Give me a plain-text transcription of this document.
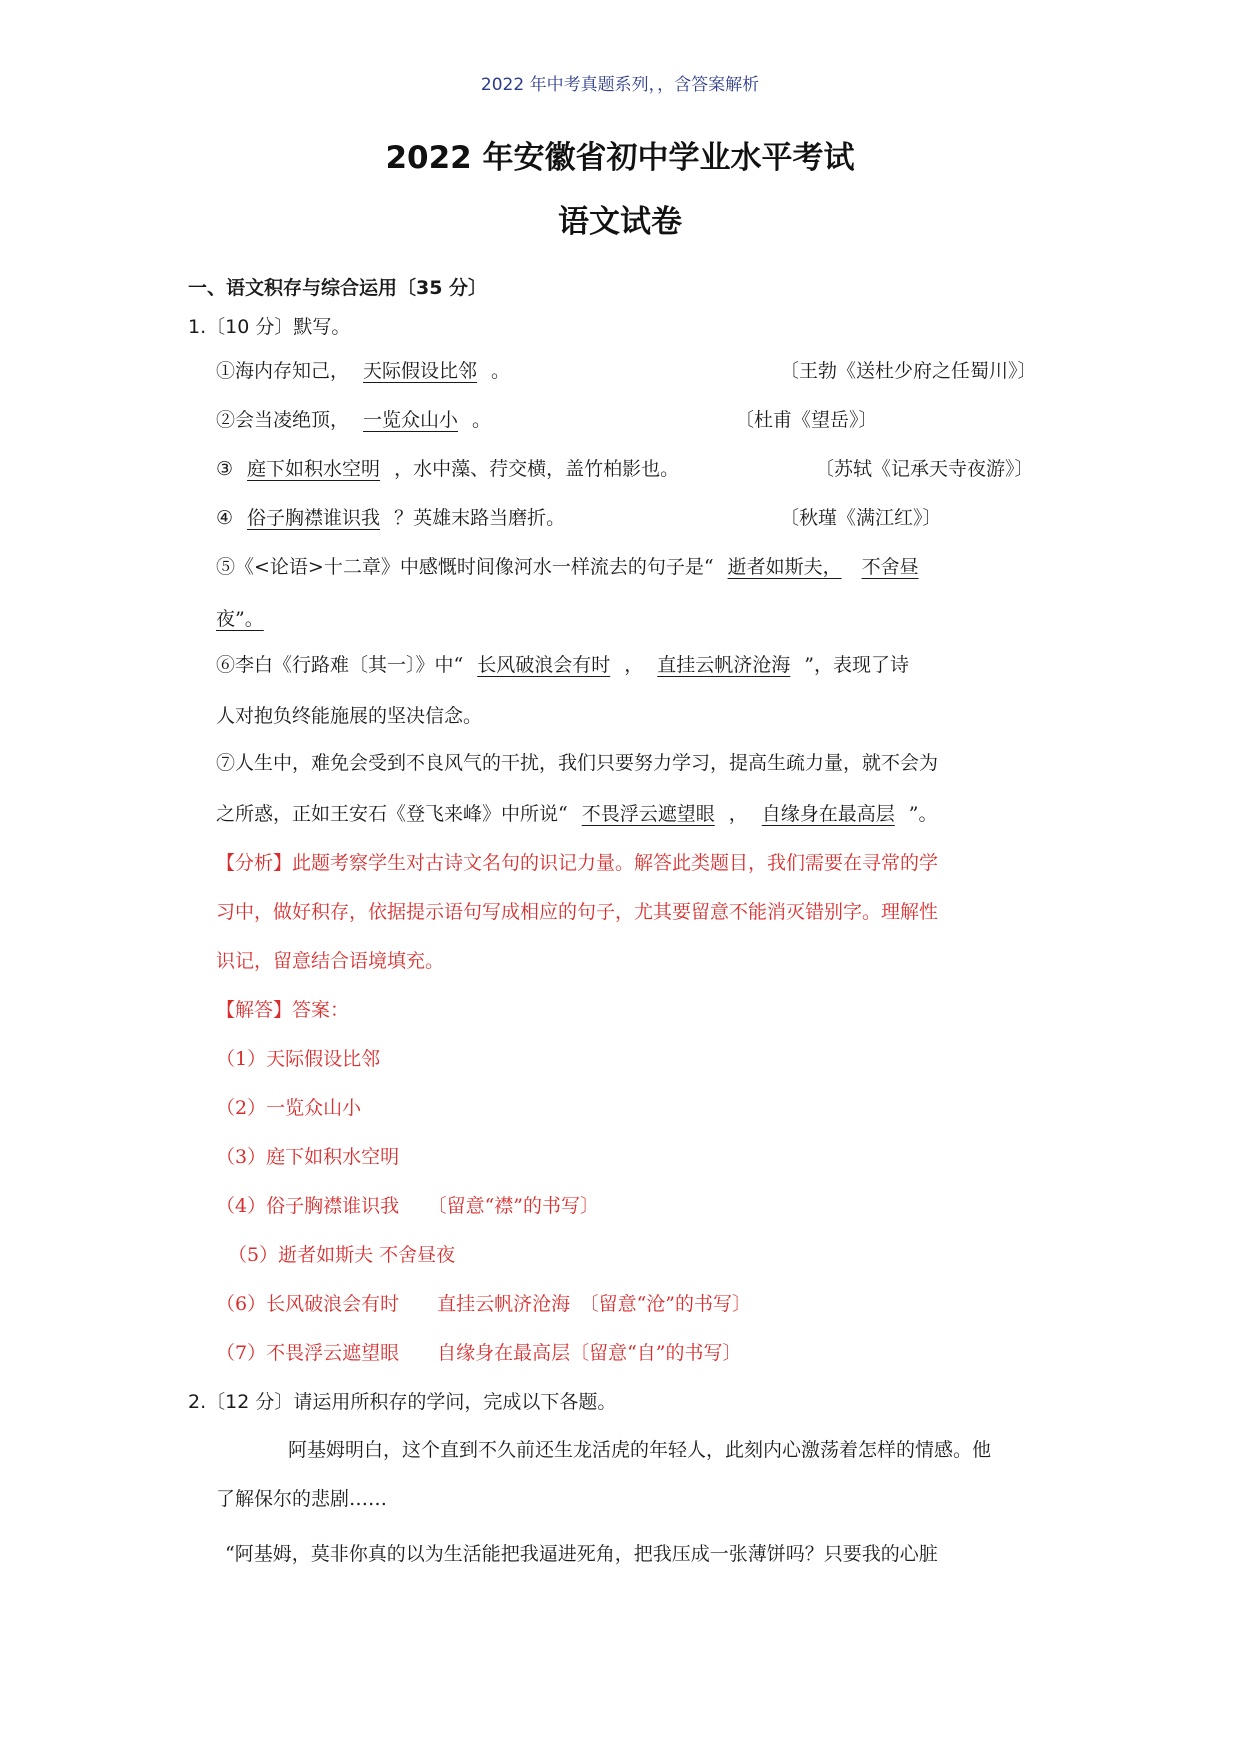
2022 年中考真题系列，，含答案解析
2022 年安徽省初中学业水平考试
语文试卷
一、语文积存与综合运用〔35 分〕
1.〔10 分〕默写。
①海内存知己， 天际假设比邻 。	〔王勃《送杜少府之任蜀川》〕
②会当凌绝顶， 一览众山小 。	〔杜甫《望岳》〕
③ 庭下如积水空明 ，水中藻、荇交横，盖竹柏影也。	〔苏轼《记承天寺夜游》〕
④ 俗子胸襟谁识我 ？英雄末路当磨折。	〔秋瑾《满江红》〕
⑤《<论语>十二章》中感慨时间像河水一样流去的句子是“ 逝者如斯夫， 不舍昼
夜”。
⑥李白《行路难〔其一〕》中“ 长风破浪会有时 ， 直挂云帆济沧海 ”，表现了诗
人对抱负终能施展的坚决信念。
⑦人生中，难免会受到不良风气的干扰，我们只要努力学习，提高生疏力量，就不会为
之所惑，正如王安石《登飞来峰》中所说“ 不畏浮云遮望眼 ， 自缘身在最高层 ”。
【分析】此题考察学生对古诗文名句的识记力量。解答此类题目，我们需要在寻常的学
习中，做好积存，依据提示语句写成相应的句子，尤其要留意不能消灭错别字。理解性
识记，留意结合语境填充。
【解答】答案：
（1）天际假设比邻
（2）一览众山小
（3）庭下如积水空明
（4）俗子胸襟谁识我　　〔留意“襟”的书写〕
（5）逝者如斯夫 不舍昼夜
（6）长风破浪会有时　　直挂云帆济沧海　〔留意“沧”的书写〕
（7）不畏浮云遮望眼　　自缘身在最高层〔留意“自”的书写〕
2.〔12 分〕请运用所积存的学问，完成以下各题。
阿基姆明白，这个直到不久前还生龙活虎的年轻人，此刻内心激荡着怎样的情感。他
了解保尔的悲剧……
“阿基姆，莫非你真的以为生活能把我逼进死角，把我压成一张薄饼吗？只要我的心脏
